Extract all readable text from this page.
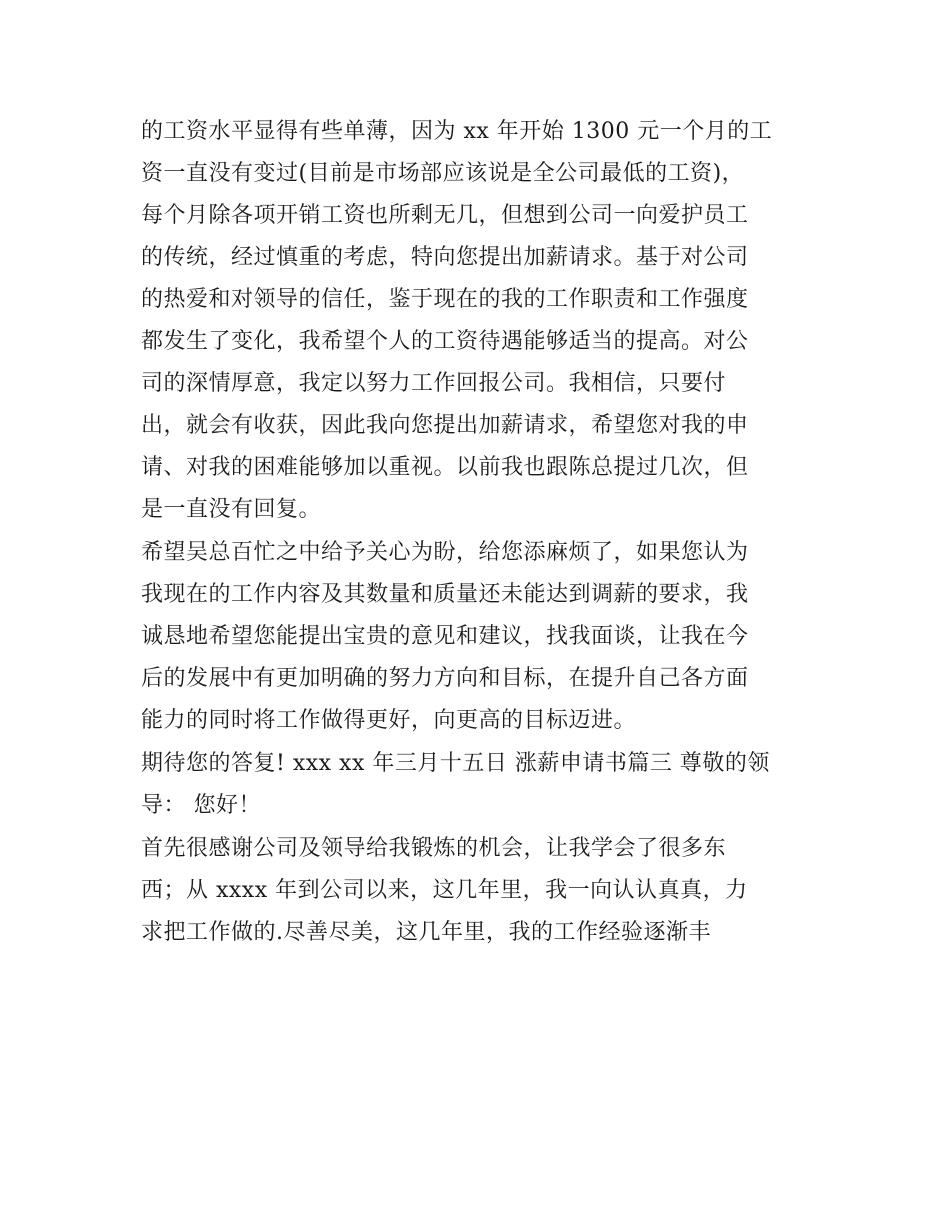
的工资水平显得有些单薄，因为 xx 年开始 1300 元一个月的工
资一直没有变过(目前是市场部应该说是全公司最低的工资)，
每个月除各项开销工资也所剩无几，但想到公司一向爱护员工
的传统，经过慎重的考虑，特向您提出加薪请求。基于对公司
的热爱和对领导的信任，鉴于现在的我的工作职责和工作强度
都发生了变化，我希望个人的工资待遇能够适当的提高。对公
司的深情厚意，我定以努力工作回报公司。我相信，只要付
出，就会有收获，因此我向您提出加薪请求，希望您对我的申
请、对我的困难能够加以重视。以前我也跟陈总提过几次，但
是一直没有回复。
希望吴总百忙之中给予关心为盼，给您添麻烦了，如果您认为
我现在的工作内容及其数量和质量还未能达到调薪的要求，我
诚恳地希望您能提出宝贵的意见和建议，找我面谈，让我在今
后的发展中有更加明确的努力方向和目标，在提升自己各方面
能力的同时将工作做得更好，向更高的目标迈进。
期待您的答复! xxx xx 年三月十五日 涨薪申请书篇三 尊敬的领
导： 您好！
首先很感谢公司及领导给我锻炼的机会，让我学会了很多东
西；从 xxxx 年到公司以来，这几年里，我一向认认真真，力
求把工作做的.尽善尽美，这几年里，我的工作经验逐渐丰
